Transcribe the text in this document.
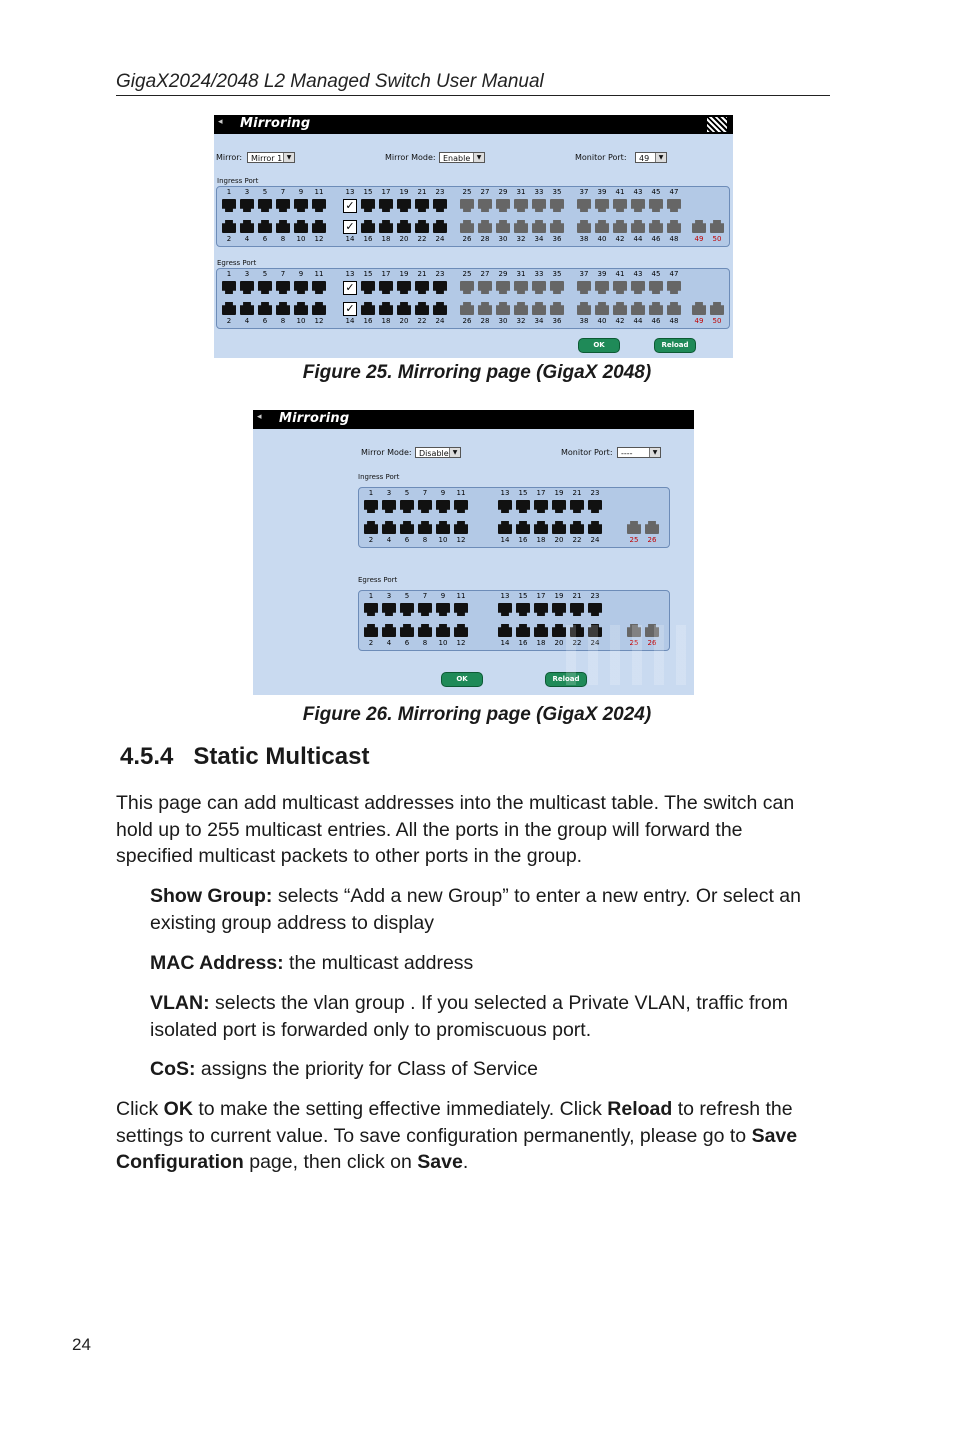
GigaX2024/2048 L2 Managed Switch User Manual
◂ Mirroring
Mirror:	Mirror 1 ▼	Mirror Mode: Enable	▼	Monitor Port:	49	▼
Ingress Port
1	3	5	7	9	11	13
✓
15	17	19	21	23	25	27	29	31	33	35	37	39	41	43	45	47
2	4	6	8	10	12
✓
14	16	18	20	22	24	26	28	30	32	34	36	38	40	42	44	46	48	49	50
Egress Port
1	3	5	7	9	11	13
✓
15	17	19	21	23	25	27	29	31	33	35	37	39	41	43	45	47
2	4	6	8	10	12
✓
14	16	18	20	22	24	26	28	30	32	34	36	38	40	42	44	46	48	49	50
OK	Reload
Figure 25. Mirroring page (GigaX 2048)
◂ Mirroring
Mirror Mode: Disable ▼	Monitor Port:	----	▼
Ingress Port
1	3	5	7	9	11	13	15	17	19	21	23
2	4	6	8	10	12	14	16	18	20	22	24	25	26
Egress Port
1	3	5	7	9	11	13	15	17	19	21	23
2	4	6	8	10	12	14	16	18	20	22	24	25	26
OK	Reload
Figure 26. Mirroring page (GigaX 2024)
4.5.4 Static Multicast
This page can add multicast addresses into the multicast table. The switch can hold up to 255 multicast entries. All the ports in the group will forward the specified multicast packets to other ports in the group.
Show Group: selects “Add a new Group” to enter a new entry. Or select an existing group address to display
MAC Address: the multicast address
VLAN: selects the vlan group . If you selected a Private VLAN, traffic from isolated port is forwarded only to promiscuous port.
CoS: assigns the priority for Class of Service
Click OK to make the setting effective immediately. Click Reload to refresh the settings to current value. To save configuration permanently, please go to Save Configuration page, then click on Save.
24
